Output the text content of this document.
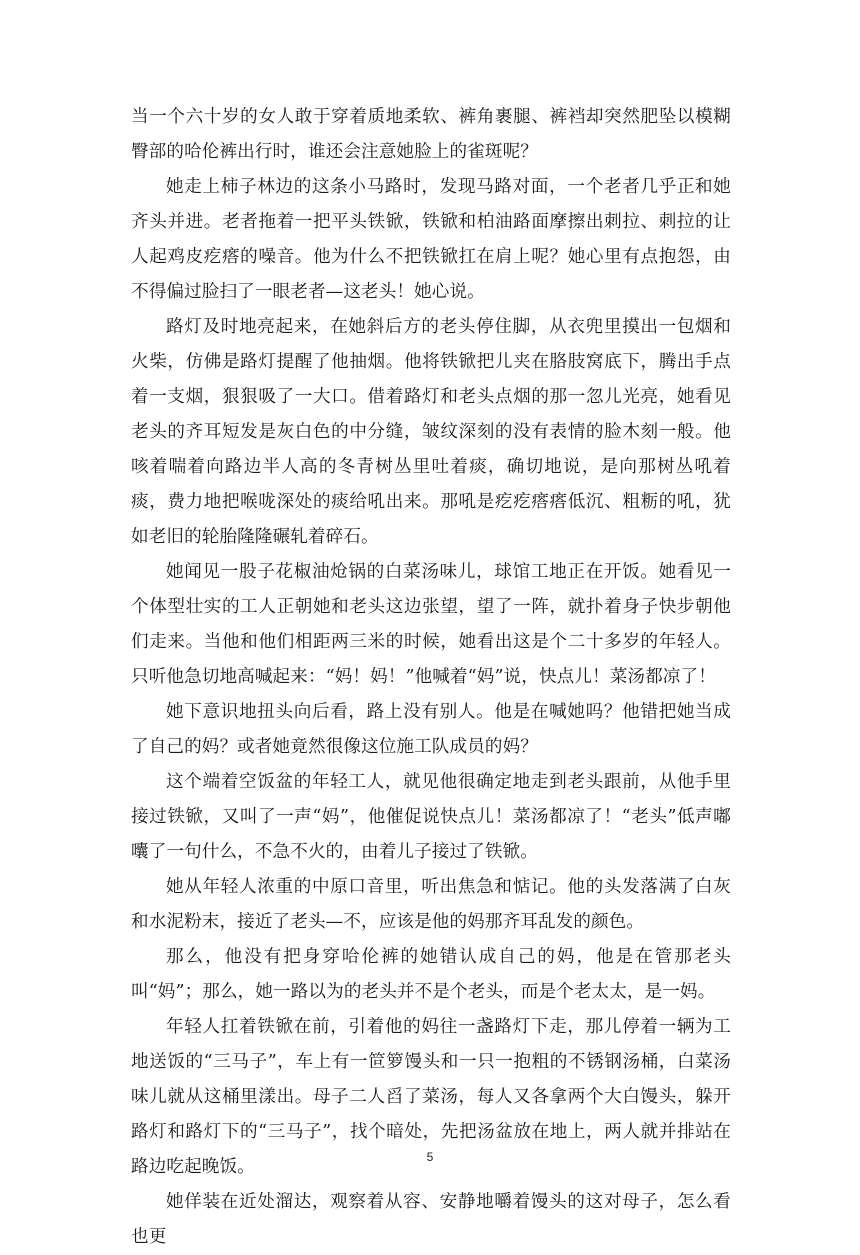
当一个六十岁的女人敢于穿着质地柔软、裤角裹腿、裤裆却突然肥坠以模糊臀部的哈伦裤出行时，谁还会注意她脸上的雀斑呢？

她走上柿子林边的这条小马路时，发现马路对面，一个老者几乎正和她齐头并进。老者拖着一把平头铁锨，铁锨和柏油路面摩擦出刺拉、刺拉的让人起鸡皮疙瘩的噪音。他为什么不把铁锨扛在肩上呢？她心里有点抱怨，由不得偏过脸扫了一眼老者—这老头！她心说。

路灯及时地亮起来，在她斜后方的老头停住脚，从衣兜里摸出一包烟和火柴，仿佛是路灯提醒了他抽烟。他将铁锨把儿夹在胳肢窝底下，腾出手点着一支烟，狠狠吸了一大口。借着路灯和老头点烟的那一忽儿光亮，她看见老头的齐耳短发是灰白色的中分缝，皱纹深刻的没有表情的脸木刻一般。他咳着喘着向路边半人高的冬青树丛里吐着痰，确切地说，是向那树丛吼着痰，费力地把喉咙深处的痰给吼出来。那吼是疙疙瘩瘩低沉、粗粝的吼，犹如老旧的轮胎隆隆碾轧着碎石。

她闻见一股子花椒油炝锅的白菜汤味儿，球馆工地正在开饭。她看见一个体型壮实的工人正朝她和老头这边张望，望了一阵，就扑着身子快步朝他们走来。当他和他们相距两三米的时候，她看出这是个二十多岁的年轻人。只听他急切地高喊起来：“妈！妈！”他喊着“妈”说，快点儿！菜汤都凉了！

她下意识地扭头向后看，路上没有别人。他是在喊她吗？他错把她当成了自己的妈？或者她竟然很像这位施工队成员的妈？

这个端着空饭盆的年轻工人，就见他很确定地走到老头跟前，从他手里接过铁锨，又叫了一声“妈”，他催促说快点儿！菜汤都凉了！“老头”低声嘟囔了一句什么，不急不火的，由着儿子接过了铁锨。

她从年轻人浓重的中原口音里，听出焦急和惦记。他的头发落满了白灰和水泥粉末，接近了老头—不，应该是他的妈那齐耳乱发的颜色。

那么，他没有把身穿哈伦裤的她错认成自己的妈，他是在管那老头叫“妈”；那么，她一路以为的老头并不是个老头，而是个老太太，是一妈。

年轻人扛着铁锨在前，引着他的妈往一盏路灯下走，那儿停着一辆为工地送饭的“三马子”，车上有一笸箩馒头和一只一抱粗的不锈钢汤桶，白菜汤味儿就从这桶里漾出。母子二人舀了菜汤，每人又各拿两个大白馒头，躲开路灯和路灯下的“三马子”，找个暗处，先把汤盆放在地上，两人就并排站在路边吃起晚饭。

她佯装在近处溜达，观察着从容、安静地嚼着馒头的这对母子，怎么看也更

5
